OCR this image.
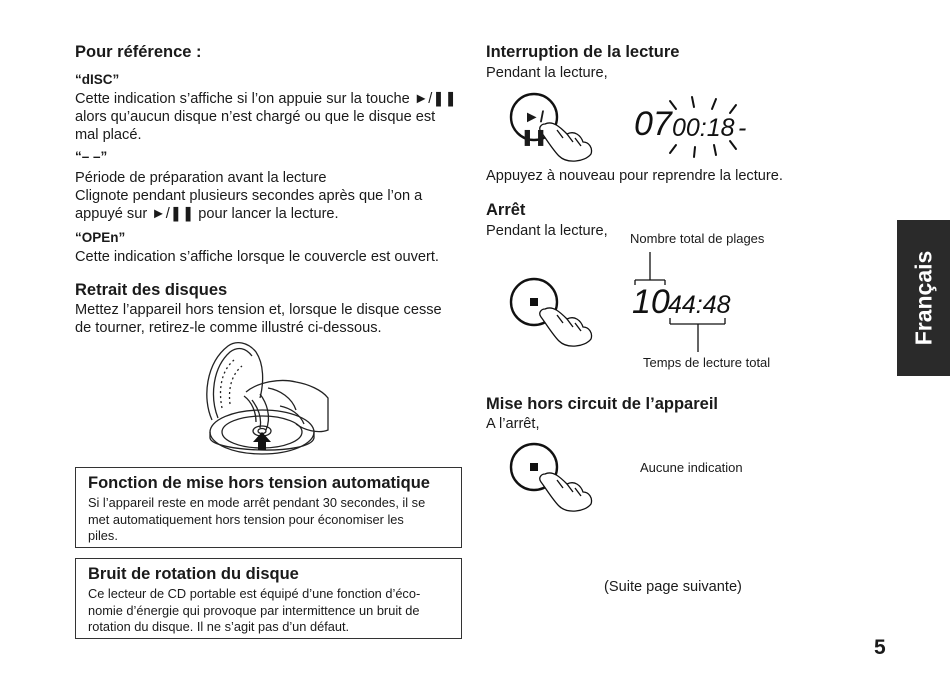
Pour référence :
“dISC”
Cette indication s’affiche si l’on appuie sur la touche ►/❚❚
alors qu’aucun disque n’est chargé ou que le disque est
mal placé.
“– –”
Période de préparation avant la lecture
Clignote pendant plusieurs secondes après que l’on a
appuyé sur ►/❚❚ pour lancer la lecture.
“OPEn”
Cette indication s’affiche lorsque le couvercle est ouvert.
Retrait des disques
Mettez l’appareil hors tension et, lorsque le disque cesse
de tourner, retirez-le comme illustré ci-dessous.
Fonction de mise hors tension automatique
Si l’appareil reste en mode arrêt pendant 30 secondes, il se
met automatiquement hors tension pour économiser les
piles.
Bruit de rotation du disque
Ce lecteur de CD portable est équipé d’une fonction d’éco-
nomie d’énergie qui provoque par intermittence un bruit de
rotation du disque. Il ne s’agit pas d’un défaut.
Interruption de la lecture
Pendant la lecture,
►/❚❚	07 00:18 -
Appuyez à nouveau pour reprendre la lecture.
Arrêt
Pendant la lecture, Nombre total de plages
10
44:48
Temps de lecture total
Mise hors circuit de l’appareil
A l’arrêt,
Aucune indication
(Suite page suivante)
Français
5
